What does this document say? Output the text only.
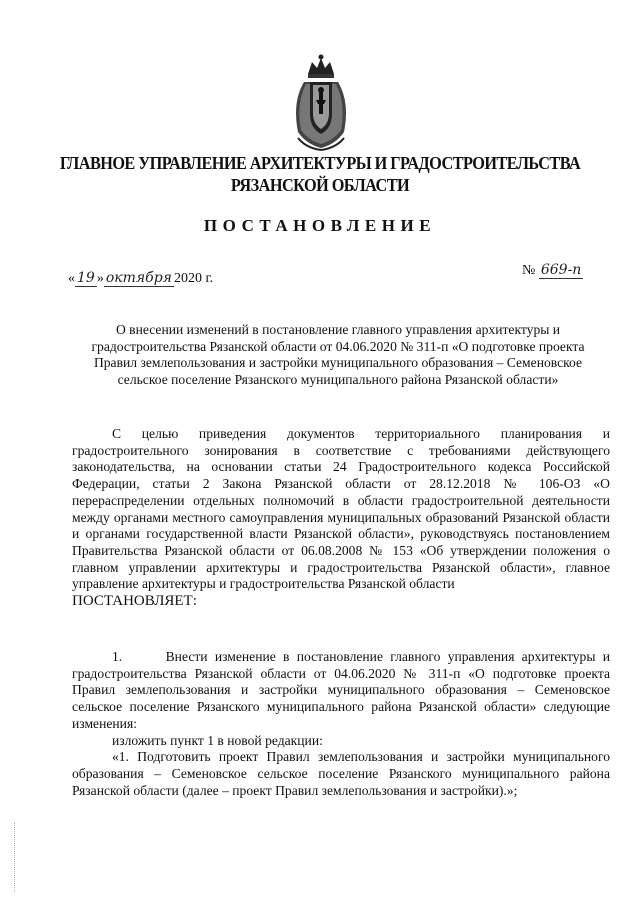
ГЛАВНОЕ УПРАВЛЕНИЕ АРХИТЕКТУРЫ И ГРАДОСТРОИТЕЛЬСТВА
РЯЗАНСКОЙ ОБЛАСТИ
ПОСТАНОВЛЕНИЕ
« 19 » октября 2020 г.
№ 669-п
О внесении изменений в постановление главного управления архитектуры и градостроительства Рязанской области от 04.06.2020 № 311-п «О подготовке проекта Правил землепользования и застройки муниципального образования – Семеновское сельское поселение Рязанского муниципального района Рязанской области»

С целью приведения документов территориального планирования и градостроительного зонирования в соответствие с требованиями действующего законодательства, на основании статьи 24 Градостроительного кодекса Российской Федерации, статьи 2 Закона Рязанской области от 28.12.2018 № 106-ОЗ «О перераспределении отдельных полномочий в области градостроительной деятельности между органами местного самоуправления муниципальных образований Рязанской области и органами государственной власти Рязанской области», руководствуясь постановлением Правительства Рязанской области от 06.08.2008 № 153 «Об утверждении положения о главном управлении архитектуры и градостроительства Рязанской области», главное управление архитектуры и градостроительства Рязанской области

ПОСТАНОВЛЯЕТ:

1.      Внести изменение в постановление главного управления архитектуры и градостроительства Рязанской области от 04.06.2020 № 311-п «О подготовке проекта Правил землепользования и застройки муниципального образования – Семеновское сельское поселение Рязанского муниципального района Рязанской области» следующие изменения:

изложить пункт 1 в новой редакции:

«1. Подготовить проект Правил землепользования и застройки муниципального образования – Семеновское сельское поселение Рязанского муниципального района Рязанской области (далее – проект Правил землепользования и застройки).»;
